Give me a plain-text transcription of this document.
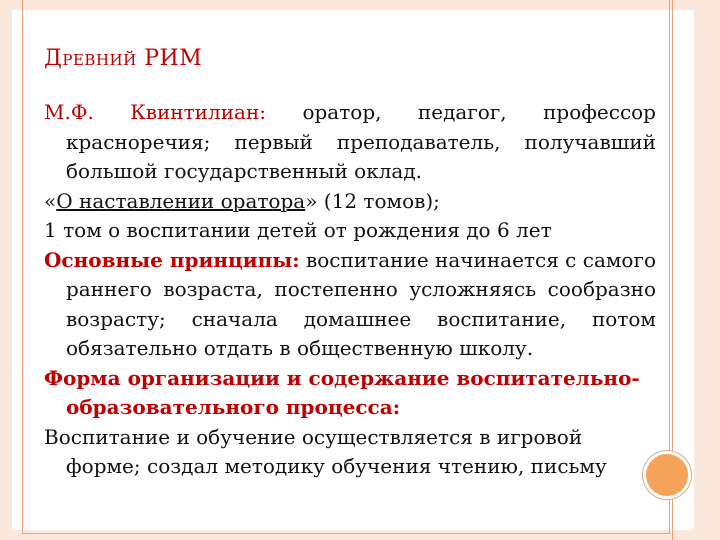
ДРЕВНИЙ РИМ

М.Ф. Квинтилиан: оратор, педагог, профессор красноречия; первый преподаватель, получавший большой государственный оклад.

«О наставлении оратора» (12 томов);

1 том о воспитании детей от рождения до 6 лет

Основные принципы: воспитание начинается с самого раннего возраста, постепенно усложняясь сообразно возрасту; сначала домашнее воспитание, потом обязательно отдать в общественную школу.

Форма организации и содержание воспитательно-образовательного процесса:

Воспитание и обучение осуществляется в игровой форме; создал методику обучения чтению, письму
